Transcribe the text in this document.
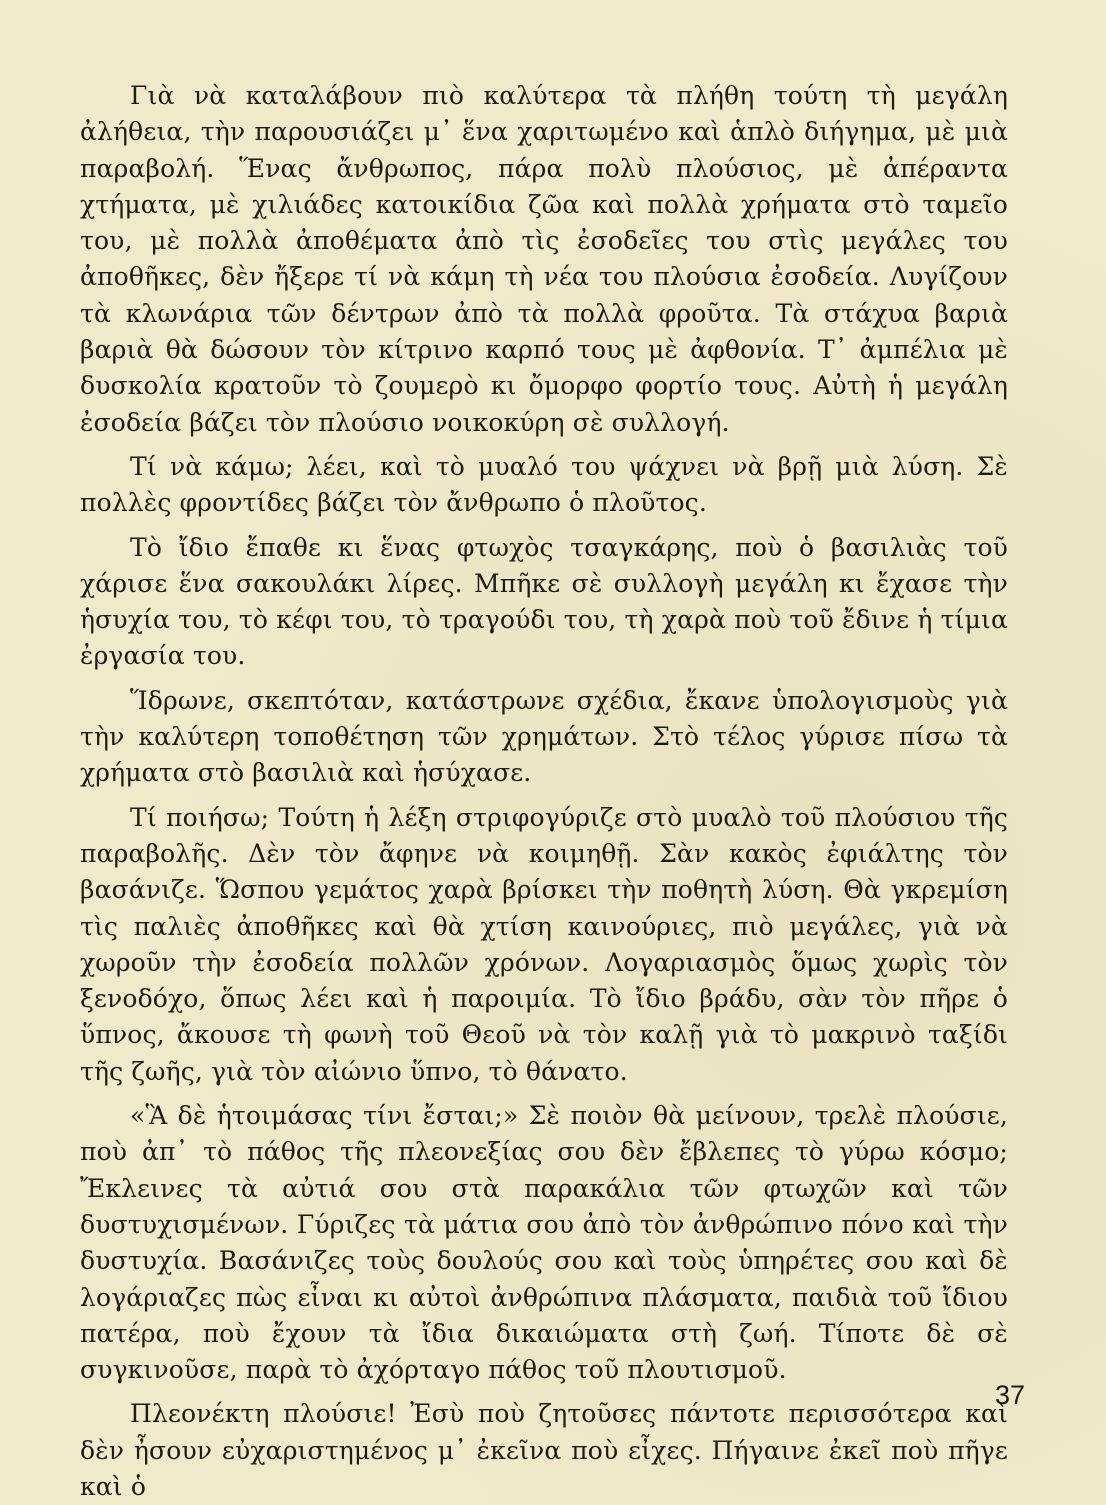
Γιὰ νὰ καταλάβουν πιὸ καλύτερα τὰ πλήθη τούτη τὴ μεγάλη ἀλήθεια, τὴν παρουσιάζει μ᾽ ἕνα χαριτωμένο καὶ ἁπλὸ διήγημα, μὲ μιὰ παραβολή. Ἕνας ἄνθρωπος, πάρα πολὺ πλούσιος, μὲ ἀπέραντα χτήματα, μὲ χιλιάδες κατοικίδια ζῶα καὶ πολλὰ χρήματα στὸ ταμεῖο του, μὲ πολλὰ ἀποθέματα ἀπὸ τὶς ἐσοδεῖες του στὶς μεγάλες του ἀποθῆκες, δὲν ἤξερε τί νὰ κάμη τὴ νέα του πλούσια ἐσοδεία. Λυγίζουν τὰ κλωνάρια τῶν δέντρων ἀπὸ τὰ πολλὰ φροῦτα. Τὰ στάχυα βαριὰ βαριὰ θὰ δώσουν τὸν κίτρινο καρπό τους μὲ ἀφθονία. Τ᾽ ἀμπέλια μὲ δυσκολία κρατοῦν τὸ ζουμερὸ κι ὄμορφο φορτίο τους. Αὐτὴ ἡ μεγάλη ἐσοδεία βάζει τὸν πλούσιο νοικοκύρη σὲ συλλογή.

Τί νὰ κάμω; λέει, καὶ τὸ μυαλό του ψάχνει νὰ βρῇ μιὰ λύση. Σὲ πολλὲς φροντίδες βάζει τὸν ἄνθρωπο ὁ πλοῦτος.

Τὸ ἴδιο ἔπαθε κι ἕνας φτωχὸς τσαγκάρης, ποὺ ὁ βασιλιὰς τοῦ χάρισε ἕνα σακουλάκι λίρες. Μπῆκε σὲ συλλογὴ μεγάλη κι ἔχασε τὴν ἡσυχία του, τὸ κέφι του, τὸ τραγούδι του, τὴ χαρὰ ποὺ τοῦ ἔδινε ἡ τίμια ἐργασία του.

Ἵδρωνε, σκεπτόταν, κατάστρωνε σχέδια, ἔκανε ὑπολογισμοὺς γιὰ τὴν καλύτερη τοποθέτηση τῶν χρημάτων. Στὸ τέλος γύρισε πίσω τὰ χρήματα στὸ βασιλιὰ καὶ ἡσύχασε.

Τί ποιήσω; Τούτη ἡ λέξη στριφογύριζε στὸ μυαλὸ τοῦ πλούσιου τῆς παραβολῆς. Δὲν τὸν ἄφηνε νὰ κοιμηθῇ. Σὰν κακὸς ἐφιάλτης τὸν βασάνιζε. Ὥσπου γεμάτος χαρὰ βρίσκει τὴν ποθητὴ λύση. Θὰ γκρεμίση τὶς παλιὲς ἀποθῆκες καὶ θὰ χτίση καινούριες, πιὸ μεγάλες, γιὰ νὰ χωροῦν τὴν ἐσοδεία πολλῶν χρόνων. Λογαριασμὸς ὅμως χωρὶς τὸν ξενοδόχο, ὅπως λέει καὶ ἡ παροιμία. Τὸ ἴδιο βράδυ, σὰν τὸν πῆρε ὁ ὕπνος, ἄκουσε τὴ φωνὴ τοῦ Θεοῦ νὰ τὸν καλῇ γιὰ τὸ μακρινὸ ταξίδι τῆς ζωῆς, γιὰ τὸν αἰώνιο ὕπνο, τὸ θάνατο.

«Ἃ δὲ ἡτοιμάσας τίνι ἔσται;» Σὲ ποιὸν θὰ μείνουν, τρελὲ πλούσιε, ποὺ ἀπ᾽ τὸ πάθος τῆς πλεονεξίας σου δὲν ἔβλεπες τὸ γύρω κόσμο; Ἔκλεινες τὰ αὐτιά σου στὰ παρακάλια τῶν φτωχῶν καὶ τῶν δυστυχισμένων. Γύριζες τὰ μάτια σου ἀπὸ τὸν ἀνθρώπινο πόνο καὶ τὴν δυστυχία. Βασάνιζες τοὺς δουλούς σου καὶ τοὺς ὑπηρέτες σου καὶ δὲ λογάριαζες πὼς εἶναι κι αὐτοὶ ἀνθρώπινα πλάσματα, παιδιὰ τοῦ ἴδιου πατέρα, ποὺ ἔχουν τὰ ἴδια δικαιώματα στὴ ζωή. Τίποτε δὲ σὲ συγκινοῦσε, παρὰ τὸ ἀχόρταγο πάθος τοῦ πλουτισμοῦ.

Πλεονέκτη πλούσιε! Ἐσὺ ποὺ ζητοῦσες πάντοτε περισσότερα καὶ δὲν ἦσουν εὐχαριστημένος μ᾽ ἐκεῖνα ποὺ εἶχες. Πήγαινε ἐκεῖ ποὺ πῆγε καὶ ὁ

37
